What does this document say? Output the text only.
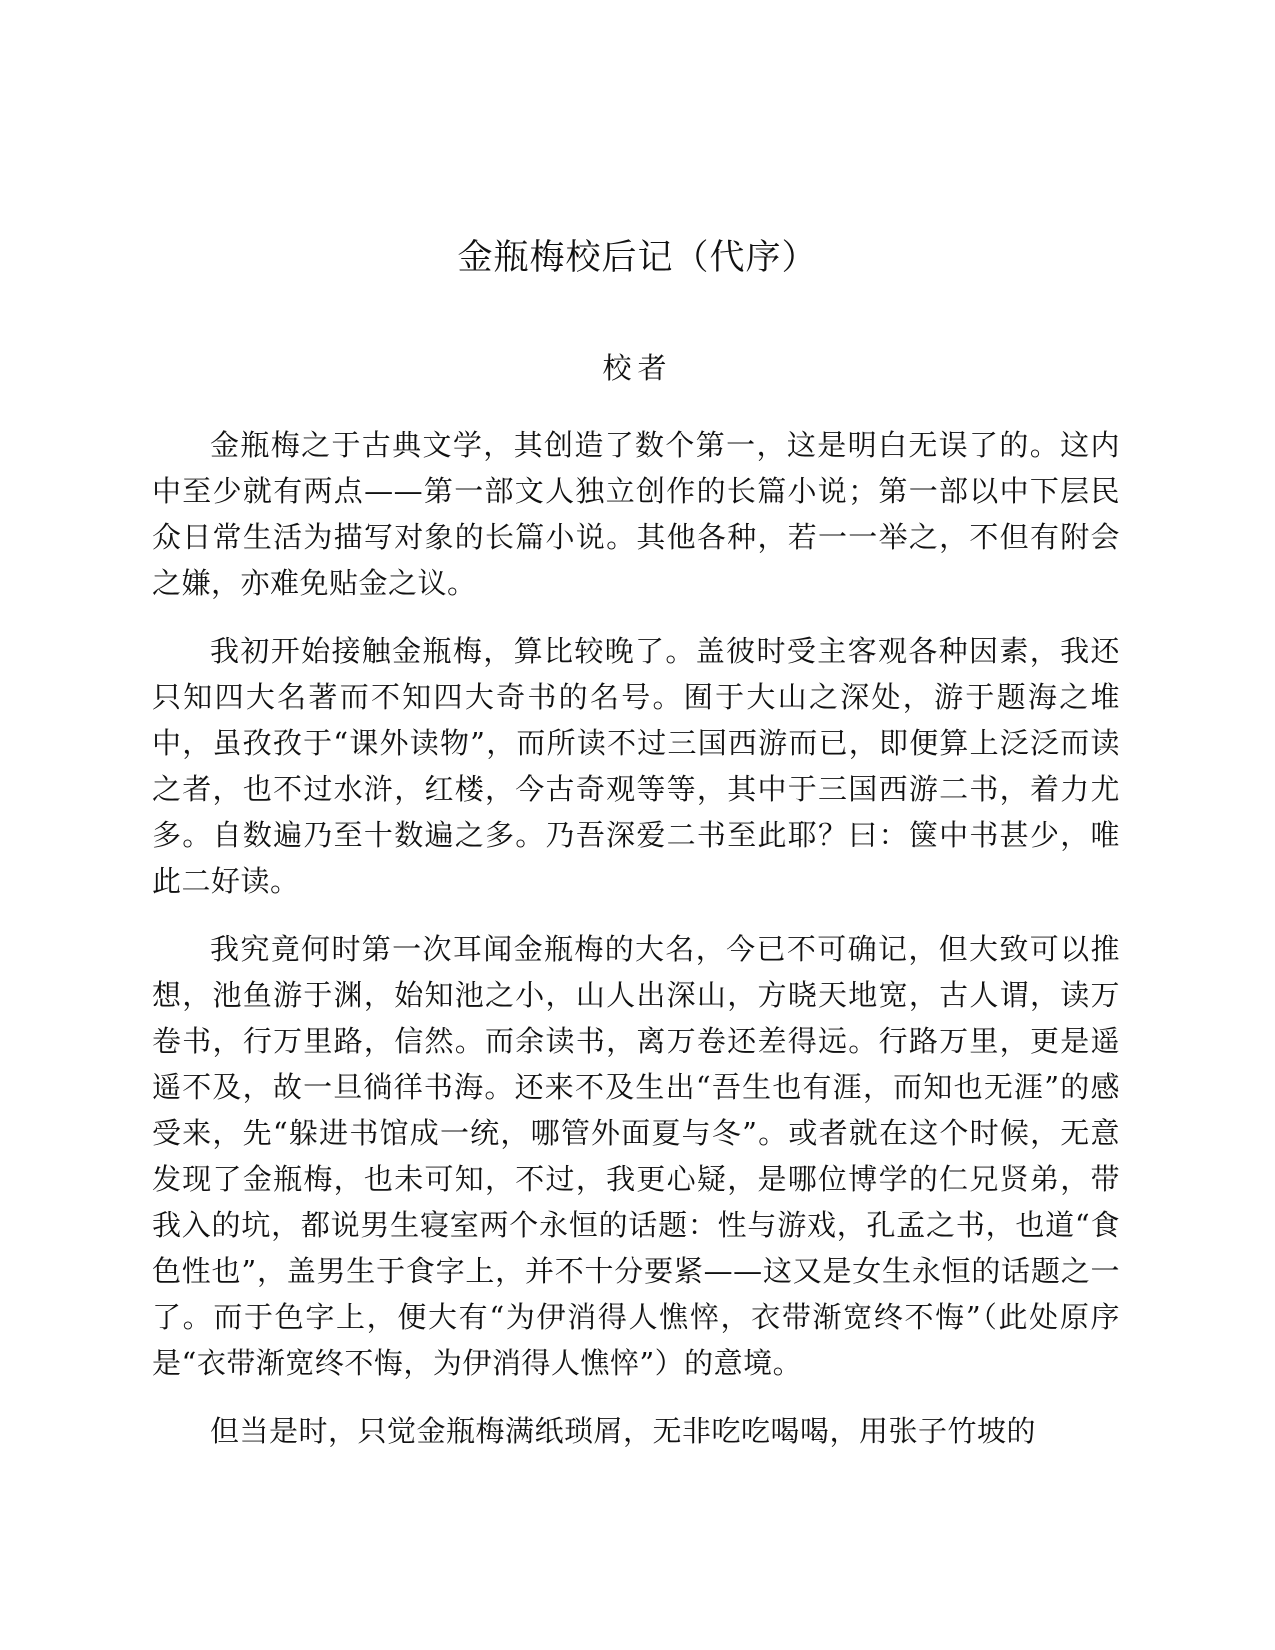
金瓶梅校后记（代序）

校者

金瓶梅之于古典文学，其创造了数个第一，这是明白无误了的。这内中至少就有两点——第一部文人独立创作的长篇小说；第一部以中下层民众日常生活为描写对象的长篇小说。其他各种，若一一举之，不但有附会之嫌，亦难免贴金之议。

我初开始接触金瓶梅，算比较晚了。盖彼时受主客观各种因素，我还只知四大名著而不知四大奇书的名号。囿于大山之深处，游于题海之堆中，虽孜孜于“课外读物”，而所读不过三国西游而已，即便算上泛泛而读之者，也不过水浒，红楼，今古奇观等等，其中于三国西游二书，着力尤多。自数遍乃至十数遍之多。乃吾深爱二书至此耶？曰：箧中书甚少，唯此二好读。

我究竟何时第一次耳闻金瓶梅的大名，今已不可确记，但大致可以推想，池鱼游于渊，始知池之小，山人出深山，方晓天地宽，古人谓，读万卷书，行万里路，信然。而余读书，离万卷还差得远。行路万里，更是遥遥不及，故一旦徜徉书海。还来不及生出“吾生也有涯，而知也无涯”的感受来，先“躲进书馆成一统，哪管外面夏与冬”。或者就在这个时候，无意发现了金瓶梅，也未可知，不过，我更心疑，是哪位博学的仁兄贤弟，带我入的坑，都说男生寝室两个永恒的话题：性与游戏，孔孟之书，也道“食色性也”，盖男生于食字上，并不十分要紧——这又是女生永恒的话题之一了。而于色字上，便大有“为伊消得人憔悴，衣带渐宽终不悔”（此处原序是“衣带渐宽终不悔，为伊消得人憔悴”）的意境。

但当是时，只觉金瓶梅满纸琐屑，无非吃吃喝喝，用张子竹坡的
